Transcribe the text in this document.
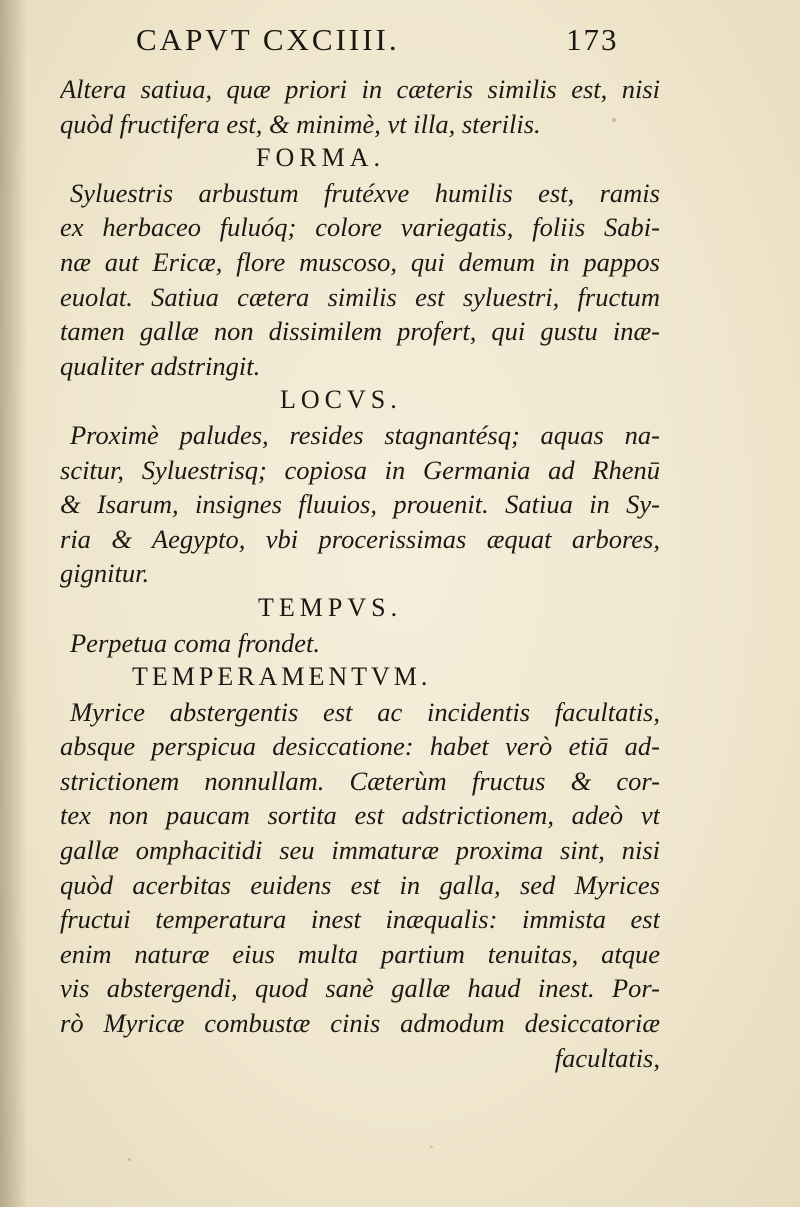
CAPVT CXCIIII.	173
Altera satiua, quæ priori in cæteris similis est, nisi
quòd fructifera est, & minimè, vt illa, sterilis.
FORMA.
Syluestris arbustum frutéxve humilis est, ramis
ex herbaceo fuluóq; colore variegatis, foliis Sabi-
næ aut Ericæ, flore muscoso, qui demum in pappos
euolat. Satiua cætera similis est syluestri, fructum
tamen gallæ non dissimilem profert, qui gustu inæ-
qualiter adstringit.
LOCVS.
Proximè paludes, resides stagnantésq; aquas na-
scitur, Syluestrisq; copiosa in Germania ad Rhenū
& Isarum, insignes fluuios, prouenit. Satiua in Sy-
ria & Aegypto, vbi procerissimas æquat arbores,
gignitur.
TEMPVS.
Perpetua coma frondet.
TEMPERAMENTVM.
Myrice abstergentis est ac incidentis facultatis,
absque perspicua desiccatione: habet verò etiā ad-
strictionem nonnullam. Cæterùm fructus & cor-
tex non paucam sortita est adstrictionem, adeò vt
gallæ omphacitidi seu immaturæ proxima sint, nisi
quòd acerbitas euidens est in galla, sed Myrices
fructui temperatura inest inæqualis: immista est
enim naturæ eius multa partium tenuitas, atque
vis abstergendi, quod sanè gallæ haud inest. Por-
rò Myricæ combustæ cinis admodum desiccatoriæ
facultatis,
